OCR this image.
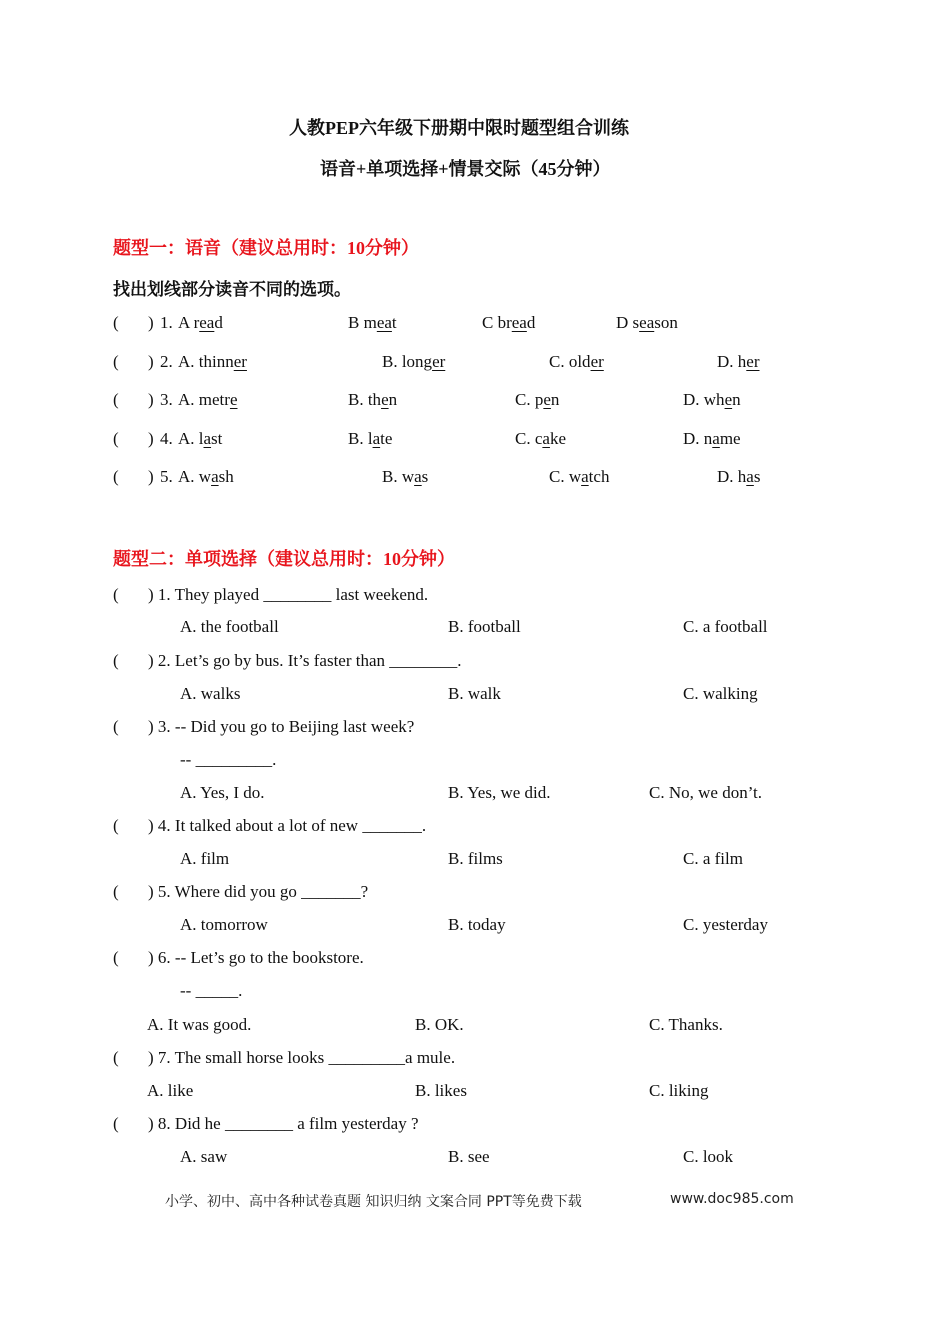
人教PEP六年级下册期中限时题型组合训练
语音+单项选择+情景交际（45分钟）
题型一：语音（建议总用时：10分钟）
找出划线部分读音不同的选项。
( ) 1. A read	B meat	C bread	D season
( ) 2. A. thinner	B. longer	C. older	D. her
( ) 3. A. metre	B. then	C. pen	D. when
( ) 4. A. last	B. late	C. cake	D. name
( ) 5. A. wash	B. was	C. watch	D. has
题型二：单项选择（建议总用时：10分钟）
( ) 1. They played ________ last weekend.
A. the football	B. football	C. a football
( ) 2. Let’s go by bus. It’s faster than ________.
A. walks	B. walk	C. walking
( ) 3. -- Did you go to Beijing last week?
-- _________.
A. Yes, I do.	B. Yes, we did.	C. No, we don’t.
( ) 4. It talked about a lot of new _______.
A. film	B. films	C. a film
( ) 5. Where did you go _______?
A. tomorrow	B. today	C. yesterday
( ) 6. -- Let’s go to the bookstore.
-- _____.
A. It was good.	B. OK.	C. Thanks.
( ) 7. The small horse looks _________a mule.
A. like	B. likes	C. liking
( ) 8. Did he ________ a film yesterday ?
A. saw	B. see	C. look
小学、初中、高中各种试卷真题 知识归纳 文案合同 PPT等免费下载	www.doc985.com
